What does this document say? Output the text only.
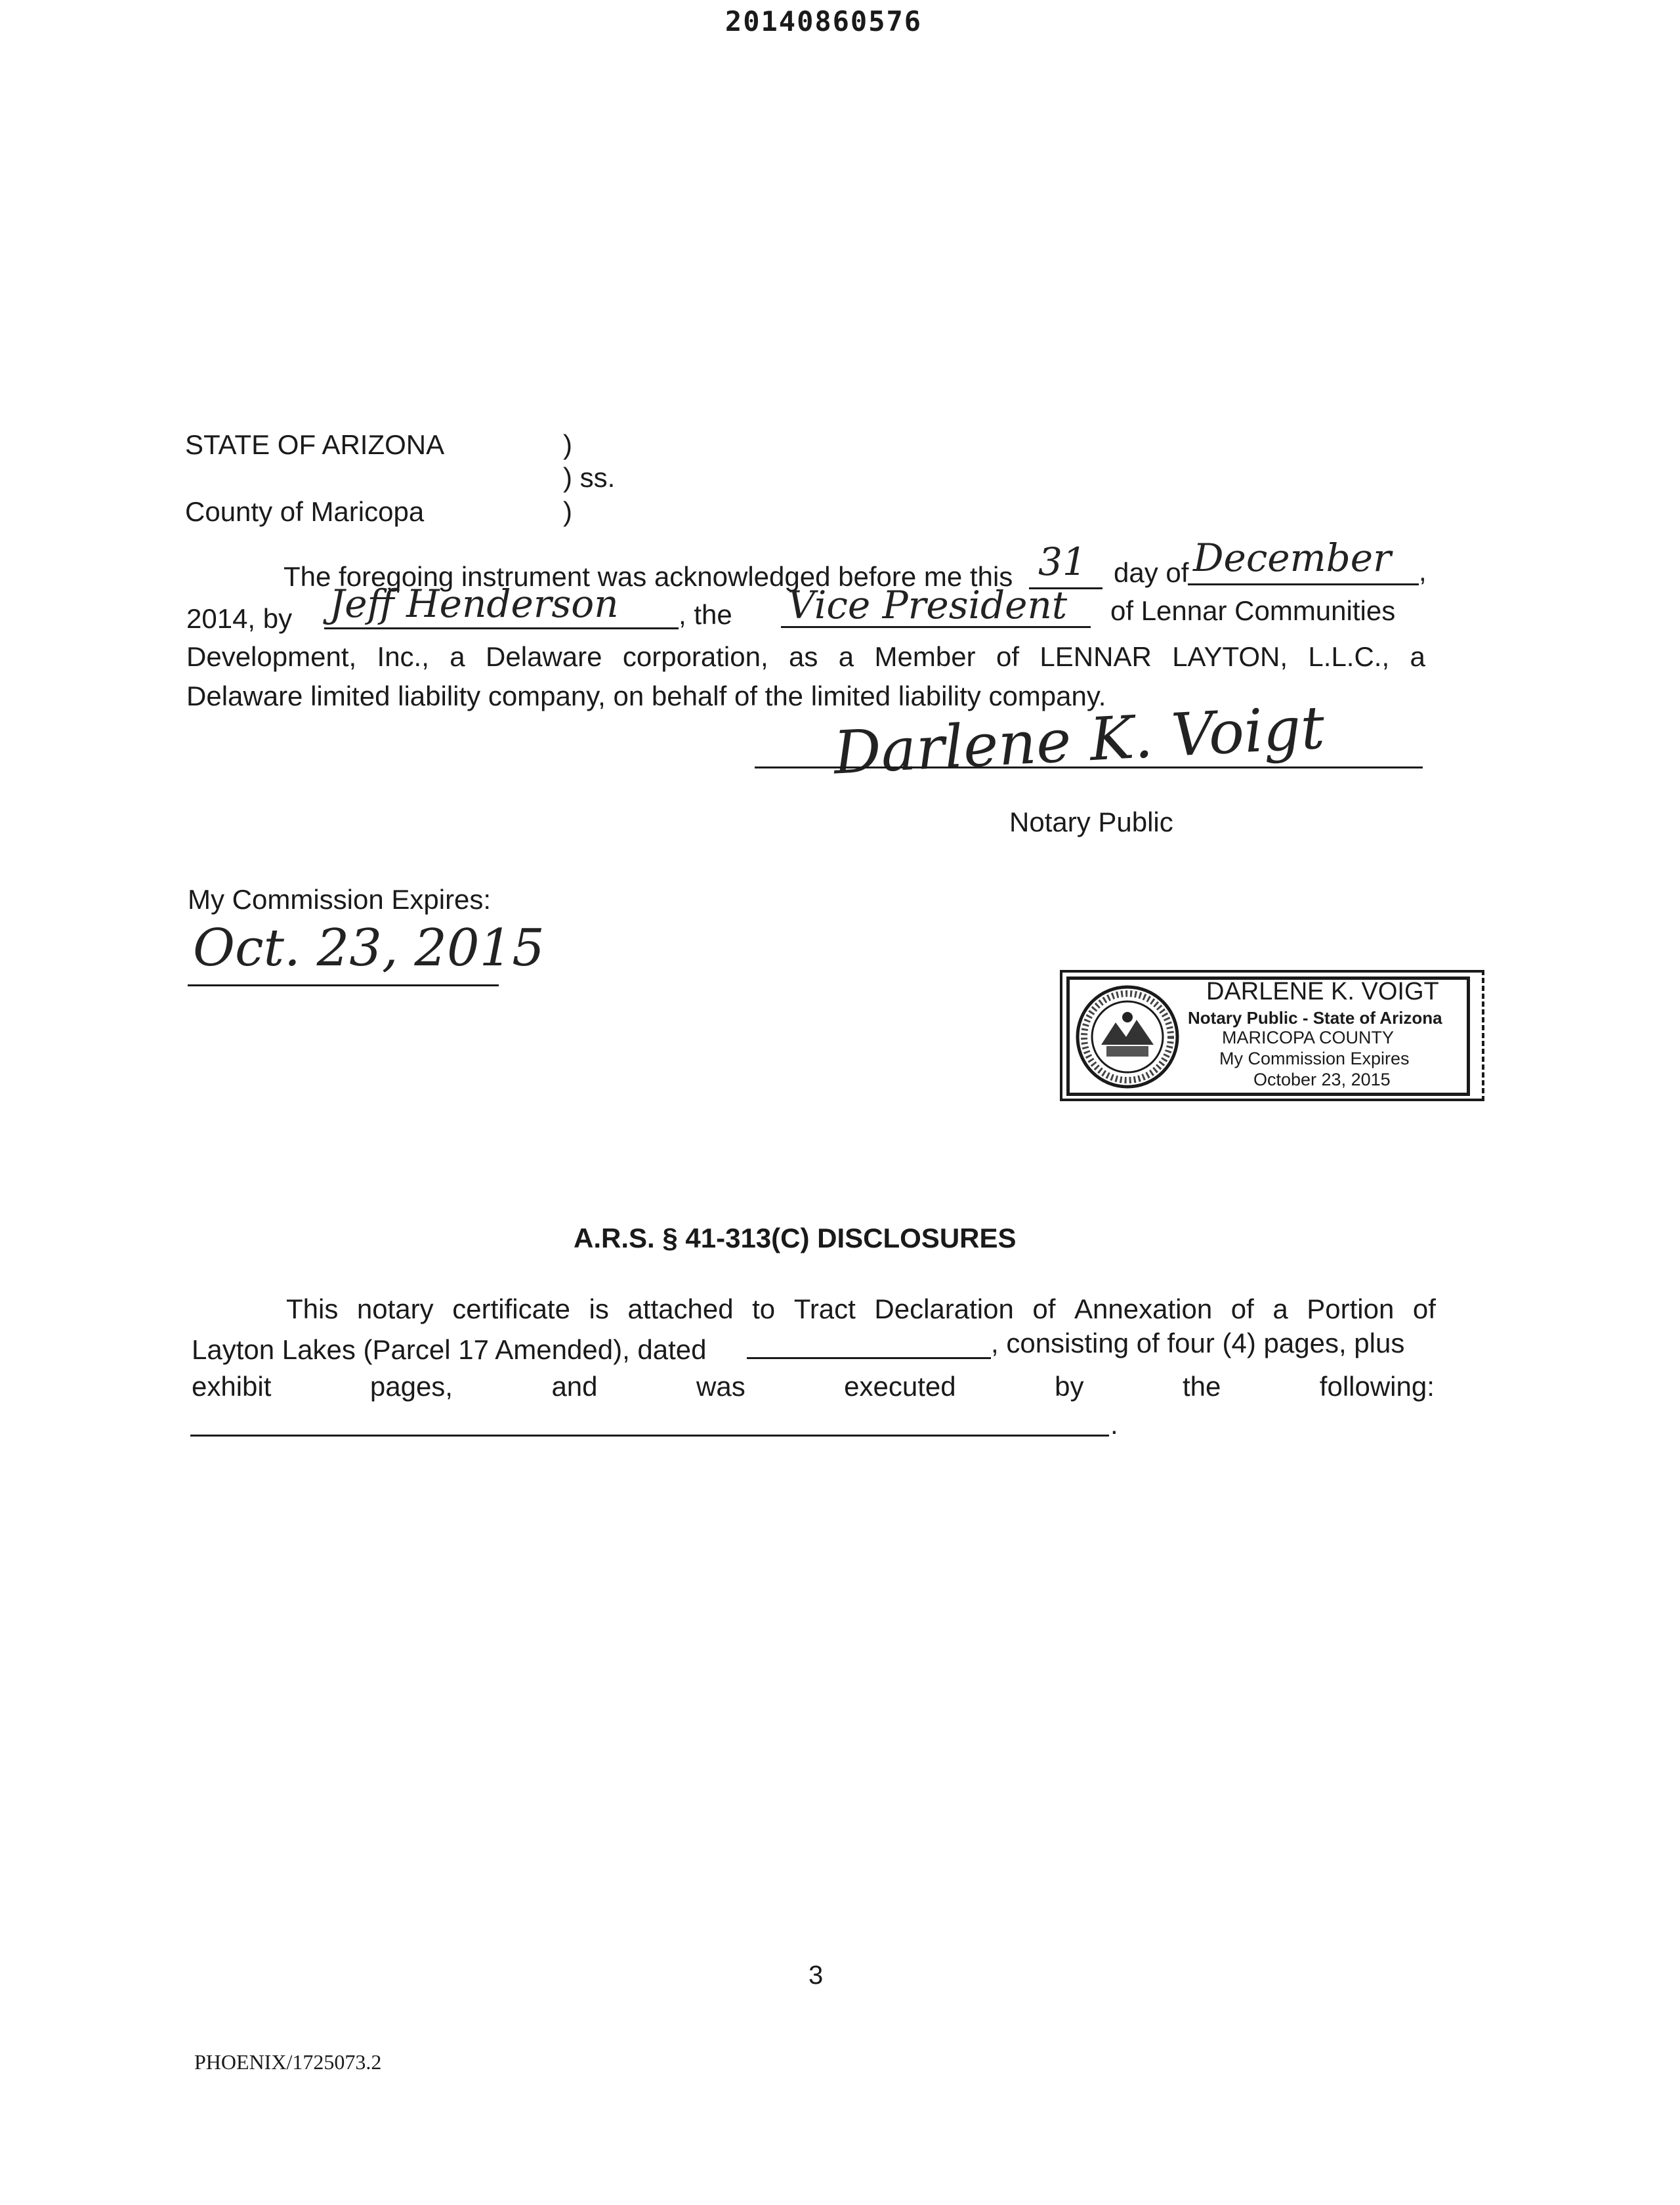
20140860576
STATE OF ARIZONA	)
) ss.
County of Maricopa	)
The foregoing instrument was acknowledged before me this 31 day of December ,
2014, by Jeff Henderson , the Vice President of Lennar Communities
Development, Inc., a Delaware corporation, as a Member of LENNAR LAYTON, L.L.C., a
Delaware limited liability company, on behalf of the limited liability company.
Darlene K. Voigt
Notary Public
My Commission Expires:
Oct. 23, 2015
DARLENE K. VOIGT
Notary Public - State of Arizona
MARICOPA COUNTY
My Commission Expires
October 23, 2015
A.R.S. § 41-313(C) DISCLOSURES
This notary certificate is attached to Tract Declaration of Annexation of a Portion of
Layton Lakes (Parcel 17 Amended), dated	, consisting of four (4) pages, plus
exhibit	pages,	and	was	executed	by	the	following:
.
3
PHOENIX/1725073.2
